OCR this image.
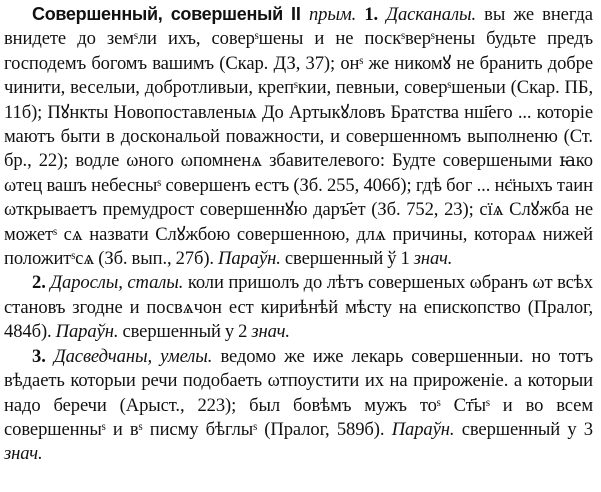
Совершенный, совершеный II прым. 1. Дасканалы. вы же внегда внидете до земˢли ихъ, соверˢшены и не поскˢверˢнены будьте предъ господемъ богомъ вашимъ (Скар. ДЗ, 37); онˢ же никомꙋ не бранить добре чинити, веселыи, добротливыи, крепˢкии, певныи, соверˢшеныи (Скар. ПБ, 11б); Пꙋнкты Новопоставленыѧ До Артыкꙋловъ Братства нш҃его ... которіе маютъ быти в доскональой поважности, и совершенномъ выполненю (Ст. бр., 22); водле ωного ωпомненѧ збавителевого: Будте совершеными ꙗко ωтец вашъ небесныˢ совершенъ естъ (Зб. 255, 406б); гдѣ бог ... нє̈ныхъ таин ωткрываетъ премудрост совершеннꙋю даръ҃ет (Зб. 752, 23); сїѧ Слꙋжба не можетˢ сѧ назвати Слꙋжбою совершенною, длѧ причины, котораѧ нижей положитˢсѧ (Зб. вып., 27б). Параўн. свершенный ў 1 знач.

2. Дарослы, сталы. коли пришолъ до лѣтъ совершеных ωбранъ ωт всѣх становъ згодне и посвѧчон ест кириѣнѣй мѣсту на епископство (Пралог, 484б). Параўн. свершенный у 2 знач.

3. Дасведчаны, умелы. ведомо же иже лекарь совершенныи. но тотъ вѣдаеть которыи речи подобаеть ωтпоустити их на прироженіе. а которыи надо беречи (Арыст., 223); был бовѣмъ мужъ тоˢ Ст҃ыˢ и во всем совершенныˢ и вˢ писму бѣглыˢ (Пралог, 589б). Параўн. свершенный у 3 знач.
